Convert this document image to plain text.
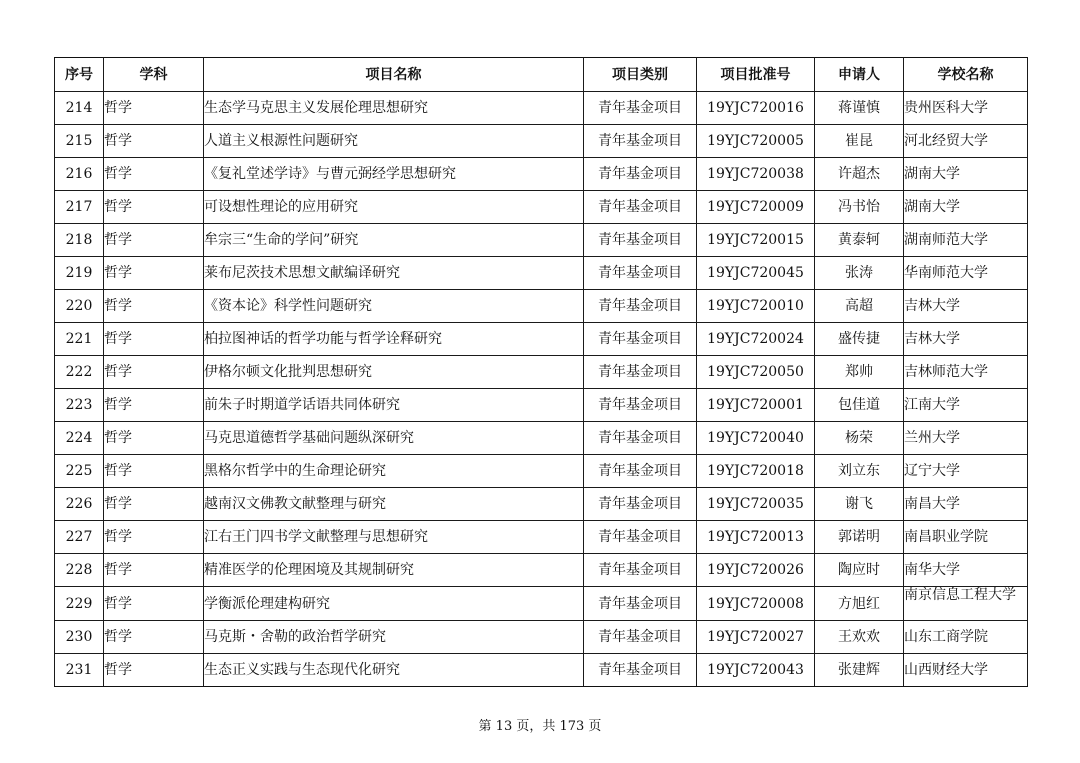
序号	学科	项目名称	项目类别	项目批准号	申请人	学校名称
214	哲学	生态学马克思主义发展伦理思想研究	青年基金项目	19YJC720016	蒋谨慎	贵州医科大学
215	哲学	人道主义根源性问题研究	青年基金项目	19YJC720005	崔昆	河北经贸大学
216	哲学	《复礼堂述学诗》与曹元弼经学思想研究	青年基金项目	19YJC720038	许超杰	湖南大学
217	哲学	可设想性理论的应用研究	青年基金项目	19YJC720009	冯书怡	湖南大学
218	哲学	牟宗三“生命的学问”研究	青年基金项目	19YJC720015	黄泰轲	湖南师范大学
219	哲学	莱布尼茨技术思想文献编译研究	青年基金项目	19YJC720045	张涛	华南师范大学
220	哲学	《资本论》科学性问题研究	青年基金项目	19YJC720010	高超	吉林大学
221	哲学	柏拉图神话的哲学功能与哲学诠释研究	青年基金项目	19YJC720024	盛传捷	吉林大学
222	哲学	伊格尔顿文化批判思想研究	青年基金项目	19YJC720050	郑帅	吉林师范大学
223	哲学	前朱子时期道学话语共同体研究	青年基金项目	19YJC720001	包佳道	江南大学
224	哲学	马克思道德哲学基础问题纵深研究	青年基金项目	19YJC720040	杨荣	兰州大学
225	哲学	黑格尔哲学中的生命理论研究	青年基金项目	19YJC720018	刘立东	辽宁大学
226	哲学	越南汉文佛教文献整理与研究	青年基金项目	19YJC720035	谢飞	南昌大学
227	哲学	江右王门四书学文献整理与思想研究	青年基金项目	19YJC720013	郭诺明	南昌职业学院
228	哲学	精准医学的伦理困境及其规制研究	青年基金项目	19YJC720026	陶应时	南华大学
229	哲学	学衡派伦理建构研究	青年基金项目	19YJC720008	方旭红	南京信息工程大学
230	哲学	马克斯・舍勒的政治哲学研究	青年基金项目	19YJC720027	王欢欢	山东工商学院
231	哲学	生态正义实践与生态现代化研究	青年基金项目	19YJC720043	张建辉	山西财经大学
第 13 页，共 173 页
